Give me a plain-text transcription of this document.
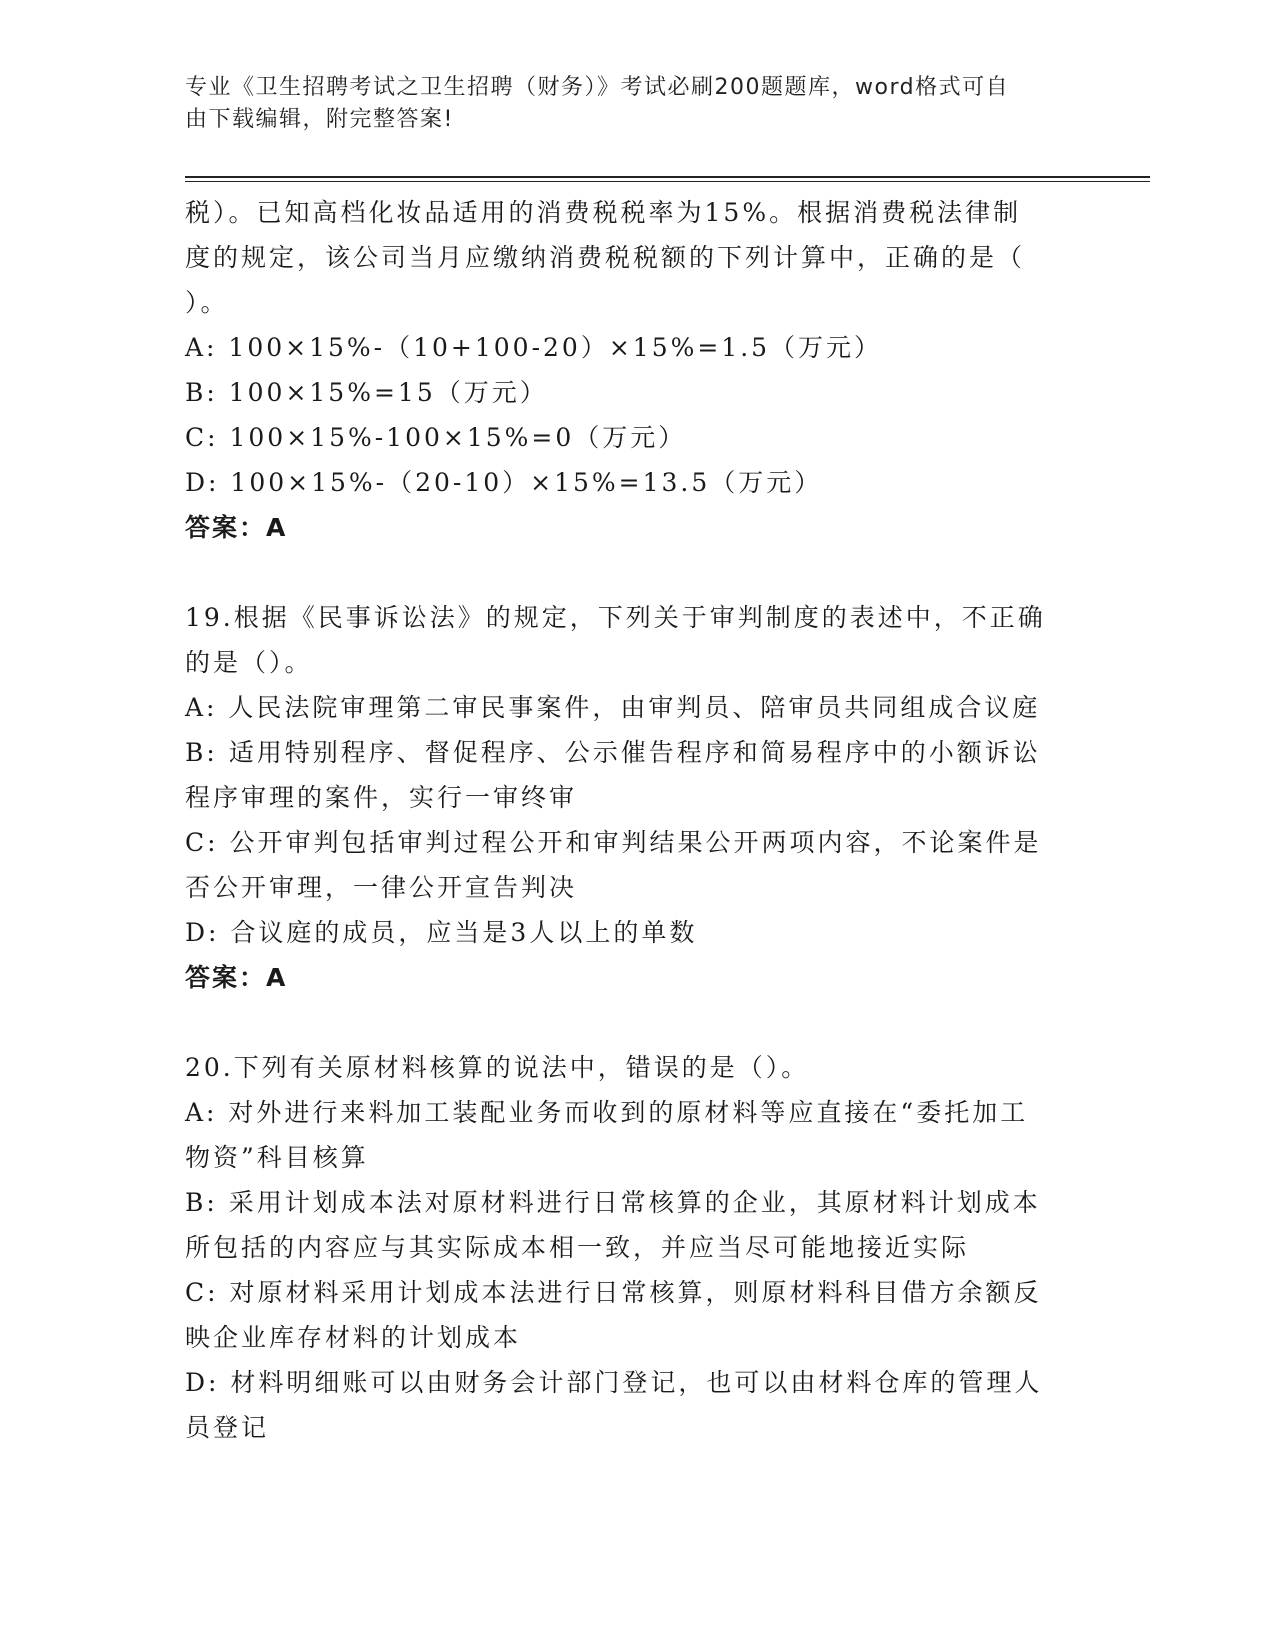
专业《卫生招聘考试之卫生招聘（财务）》考试必刷200题题库，word格式可自
由下载编辑，附完整答案!

税）。已知高档化妆品适用的消费税税率为15%。根据消费税法律制

度的规定，该公司当月应缴纳消费税税额的下列计算中，正确的是（

）。

A: 100×15%-（10+100-20）×15%=1.5（万元）

B: 100×15%=15（万元）

C: 100×15%-100×15%=0（万元）

D: 100×15%-（20-10）×15%=13.5（万元）

答案：A

19.根据《民事诉讼法》的规定，下列关于审判制度的表述中，不正确

的是（）。

A: 人民法院审理第二审民事案件，由审判员、陪审员共同组成合议庭

B: 适用特别程序、督促程序、公示催告程序和简易程序中的小额诉讼

程序审理的案件，实行一审终审

C: 公开审判包括审判过程公开和审判结果公开两项内容，不论案件是

否公开审理，一律公开宣告判决

D: 合议庭的成员，应当是3人以上的单数

答案：A

20.下列有关原材料核算的说法中，错误的是（）。

A: 对外进行来料加工装配业务而收到的原材料等应直接在“委托加工

物资”科目核算

B: 采用计划成本法对原材料进行日常核算的企业，其原材料计划成本

所包括的内容应与其实际成本相一致，并应当尽可能地接近实际

C: 对原材料采用计划成本法进行日常核算，则原材料科目借方余额反

映企业库存材料的计划成本

D: 材料明细账可以由财务会计部门登记，也可以由材料仓库的管理人

员登记
